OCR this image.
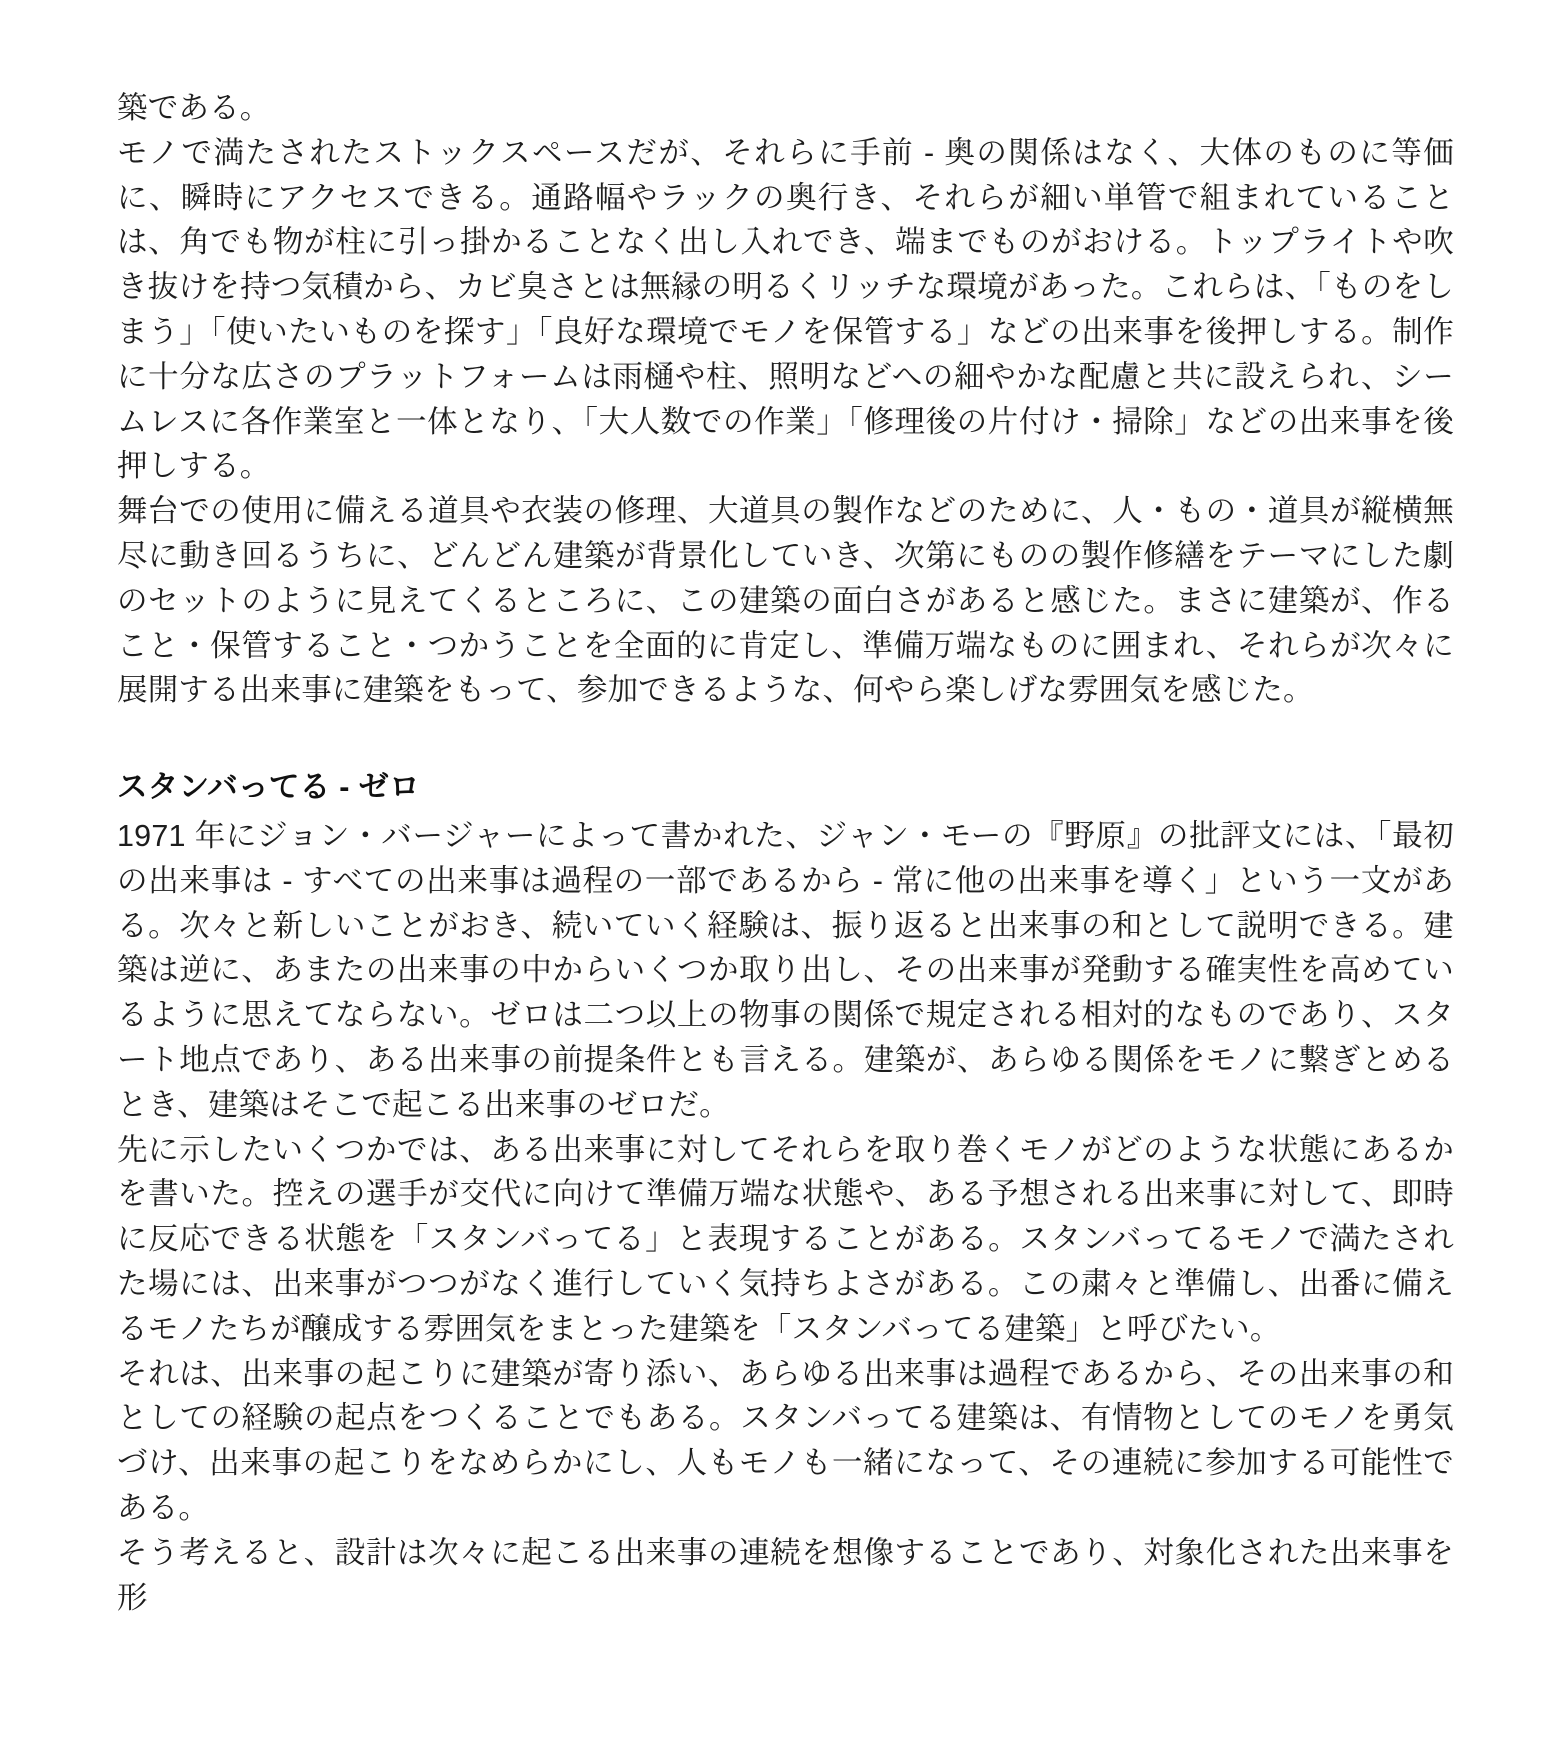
築である。

モノで満たされたストックスペースだが、それらに手前 - 奥の関係はなく、大体のものに等価に、瞬時にアクセスできる。通路幅やラックの奥行き、それらが細い単管で組まれていることは、角でも物が柱に引っ掛かることなく出し入れでき、端までものがおける。トップライトや吹き抜けを持つ気積から、カビ臭さとは無縁の明るくリッチな環境があった。これらは、「ものをしまう」「使いたいものを探す」「良好な環境でモノを保管する」などの出来事を後押しする。制作に十分な広さのプラットフォームは雨樋や柱、照明などへの細やかな配慮と共に設えられ、シームレスに各作業室と一体となり、「大人数での作業」「修理後の片付け・掃除」などの出来事を後押しする。

舞台での使用に備える道具や衣装の修理、大道具の製作などのために、人・もの・道具が縦横無尽に動き回るうちに、どんどん建築が背景化していき、次第にものの製作修繕をテーマにした劇のセットのように見えてくるところに、この建築の面白さがあると感じた。まさに建築が、作ること・保管すること・つかうことを全面的に肯定し、準備万端なものに囲まれ、それらが次々に展開する出来事に建築をもって、参加できるような、何やら楽しげな雰囲気を感じた。

スタンバってる - ゼロ

1971 年にジョン・バージャーによって書かれた、ジャン・モーの『野原』の批評文には、「最初の出来事は - すべての出来事は過程の一部であるから - 常に他の出来事を導く」という一文がある。次々と新しいことがおき、続いていく経験は、振り返ると出来事の和として説明できる。建築は逆に、あまたの出来事の中からいくつか取り出し、その出来事が発動する確実性を高めているように思えてならない。ゼロは二つ以上の物事の関係で規定される相対的なものであり、スタート地点であり、ある出来事の前提条件とも言える。建築が、あらゆる関係をモノに繋ぎとめるとき、建築はそこで起こる出来事のゼロだ。

先に示したいくつかでは、ある出来事に対してそれらを取り巻くモノがどのような状態にあるかを書いた。控えの選手が交代に向けて準備万端な状態や、ある予想される出来事に対して、即時に反応できる状態を「スタンバってる」と表現することがある。スタンバってるモノで満たされた場には、出来事がつつがなく進行していく気持ちよさがある。この粛々と準備し、出番に備えるモノたちが醸成する雰囲気をまとった建築を「スタンバってる建築」と呼びたい。

それは、出来事の起こりに建築が寄り添い、あらゆる出来事は過程であるから、その出来事の和としての経験の起点をつくることでもある。スタンバってる建築は、有情物としてのモノを勇気づけ、出来事の起こりをなめらかにし、人もモノも一緒になって、その連続に参加する可能性である。

そう考えると、設計は次々に起こる出来事の連続を想像することであり、対象化された出来事を形
